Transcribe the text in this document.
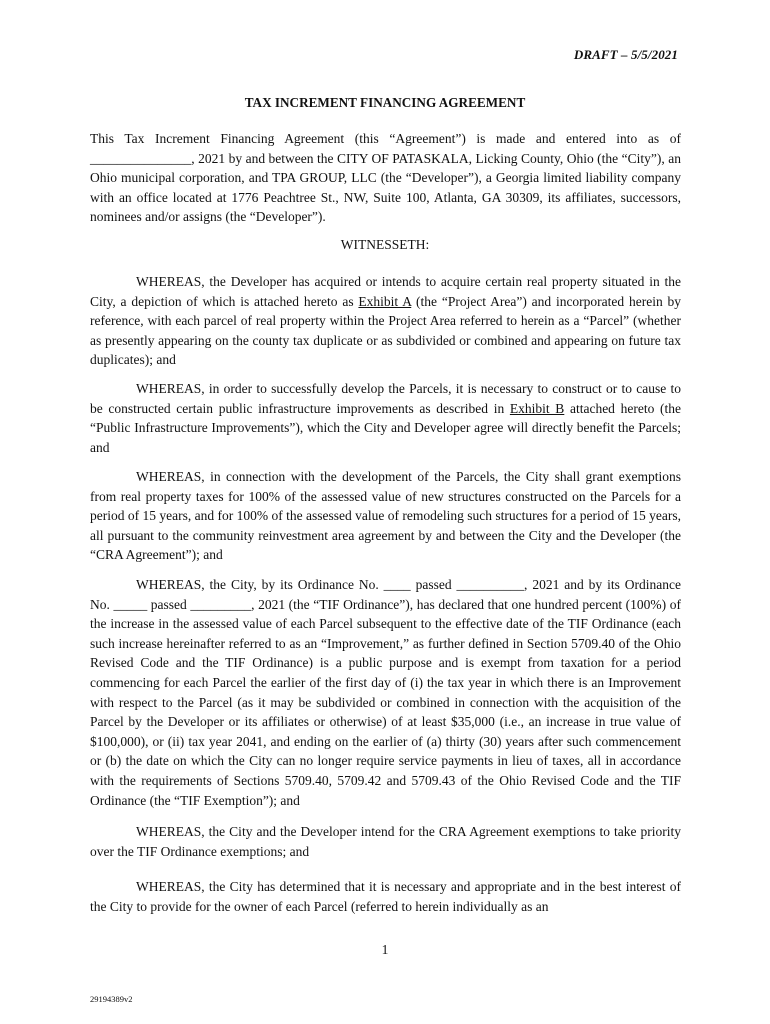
DRAFT – 5/5/2021
TAX INCREMENT FINANCING AGREEMENT
This Tax Increment Financing Agreement (this “Agreement”) is made and entered into as of _______________, 2021 by and between the CITY OF PATASKALA, Licking County, Ohio (the “City”), an Ohio municipal corporation, and TPA GROUP, LLC (the “Developer”), a Georgia limited liability company with an office located at 1776 Peachtree St., NW, Suite 100, Atlanta, GA 30309, its affiliates, successors, nominees and/or assigns (the “Developer”).
WITNESSETH:
WHEREAS, the Developer has acquired or intends to acquire certain real property situated in the City, a depiction of which is attached hereto as Exhibit A (the “Project Area”) and incorporated herein by reference, with each parcel of real property within the Project Area referred to herein as a “Parcel” (whether as presently appearing on the county tax duplicate or as subdivided or combined and appearing on future tax duplicates); and
WHEREAS, in order to successfully develop the Parcels, it is necessary to construct or to cause to be constructed certain public infrastructure improvements as described in Exhibit B attached hereto (the “Public Infrastructure Improvements”), which the City and Developer agree will directly benefit the Parcels; and
WHEREAS, in connection with the development of the Parcels, the City shall grant exemptions from real property taxes for 100% of the assessed value of new structures constructed on the Parcels for a period of 15 years, and for 100% of the assessed value of remodeling such structures for a period of 15 years, all pursuant to the community reinvestment area agreement by and between the City and the Developer (the “CRA Agreement”); and
WHEREAS, the City, by its Ordinance No. ____ passed __________, 2021 and by its Ordinance No. _____ passed _________, 2021 (the “TIF Ordinance”), has declared that one hundred percent (100%) of the increase in the assessed value of each Parcel subsequent to the effective date of the TIF Ordinance (each such increase hereinafter referred to as an “Improvement,” as further defined in Section 5709.40 of the Ohio Revised Code and the TIF Ordinance) is a public purpose and is exempt from taxation for a period commencing for each Parcel the earlier of the first day of (i) the tax year in which there is an Improvement with respect to the Parcel (as it may be subdivided or combined in connection with the acquisition of the Parcel by the Developer or its affiliates or otherwise) of at least $35,000 (i.e., an increase in true value of $100,000), or (ii) tax year 2041, and ending on the earlier of (a) thirty (30) years after such commencement or (b) the date on which the City can no longer require service payments in lieu of taxes, all in accordance with the requirements of Sections 5709.40, 5709.42 and 5709.43 of the Ohio Revised Code and the TIF Ordinance (the “TIF Exemption”); and
WHEREAS, the City and the Developer intend for the CRA Agreement exemptions to take priority over the TIF Ordinance exemptions; and
WHEREAS, the City has determined that it is necessary and appropriate and in the best interest of the City to provide for the owner of each Parcel (referred to herein individually as an
1
29194389v2
